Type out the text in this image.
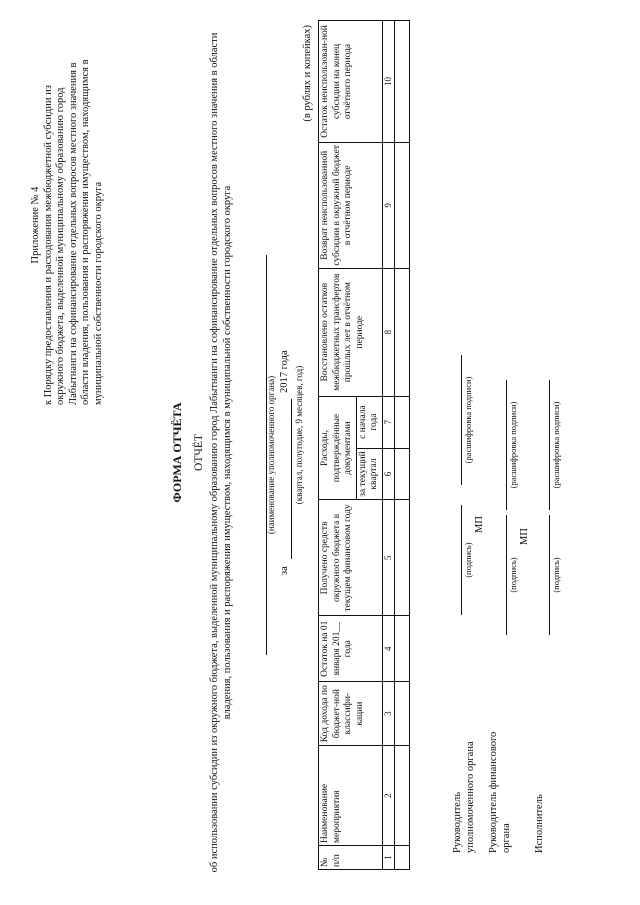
Приложение № 4 к Порядку предоставления и расходования межбюджетной субсидии из окружного бюджета, выделенной муниципальному образованию город Лабытнанги на софинансирование отдельных вопросов местного значения в области владения, пользования и распоряжения имуществом, находящимся в муниципальной собственности городского округа
ФОРМА ОТЧЁТА ОТЧЁТ об использовании субсидии из окружного бюджета, выделенной муниципальному образованию город Лабытнанги на софинансирование отдельных вопросов местного значения в области владения, пользования и распоряжения имуществом, находящимся в муниципальной собственности городского округа	(наименование уполномоченного органа)
за
2017 года (квартал, полугодие, 9 месяцев, год)
(в рублях и копейках)
№ п/п	Наименование мероприятия	Код дохода по бюджет-ной классифи-кации	Остаток на 01 января 201__ года	Получено средств окружного бюджета в текущем финансовом году	Расходы, подтверждённые документами		Восстановлено остатков межбюджетных трансфертов прошлых лет в отчётном периоде	Возврат неиспользованной субсидии в окружной бюджет в отчётном периоде	Остаток неиспользован-ной субсидии на конец отчётного периода
					за текущий квартал	с начала года			
1	2	3	4	5	6	7	8	9	10

Руководитель уполномоченного органа
(подпись)
(расшифровка подписи)
МП
Руководитель финансового органа
(подпись)
(расшифровка подписи)
МП
Исполнитель
(подпись)
(расшифровка подписи)
